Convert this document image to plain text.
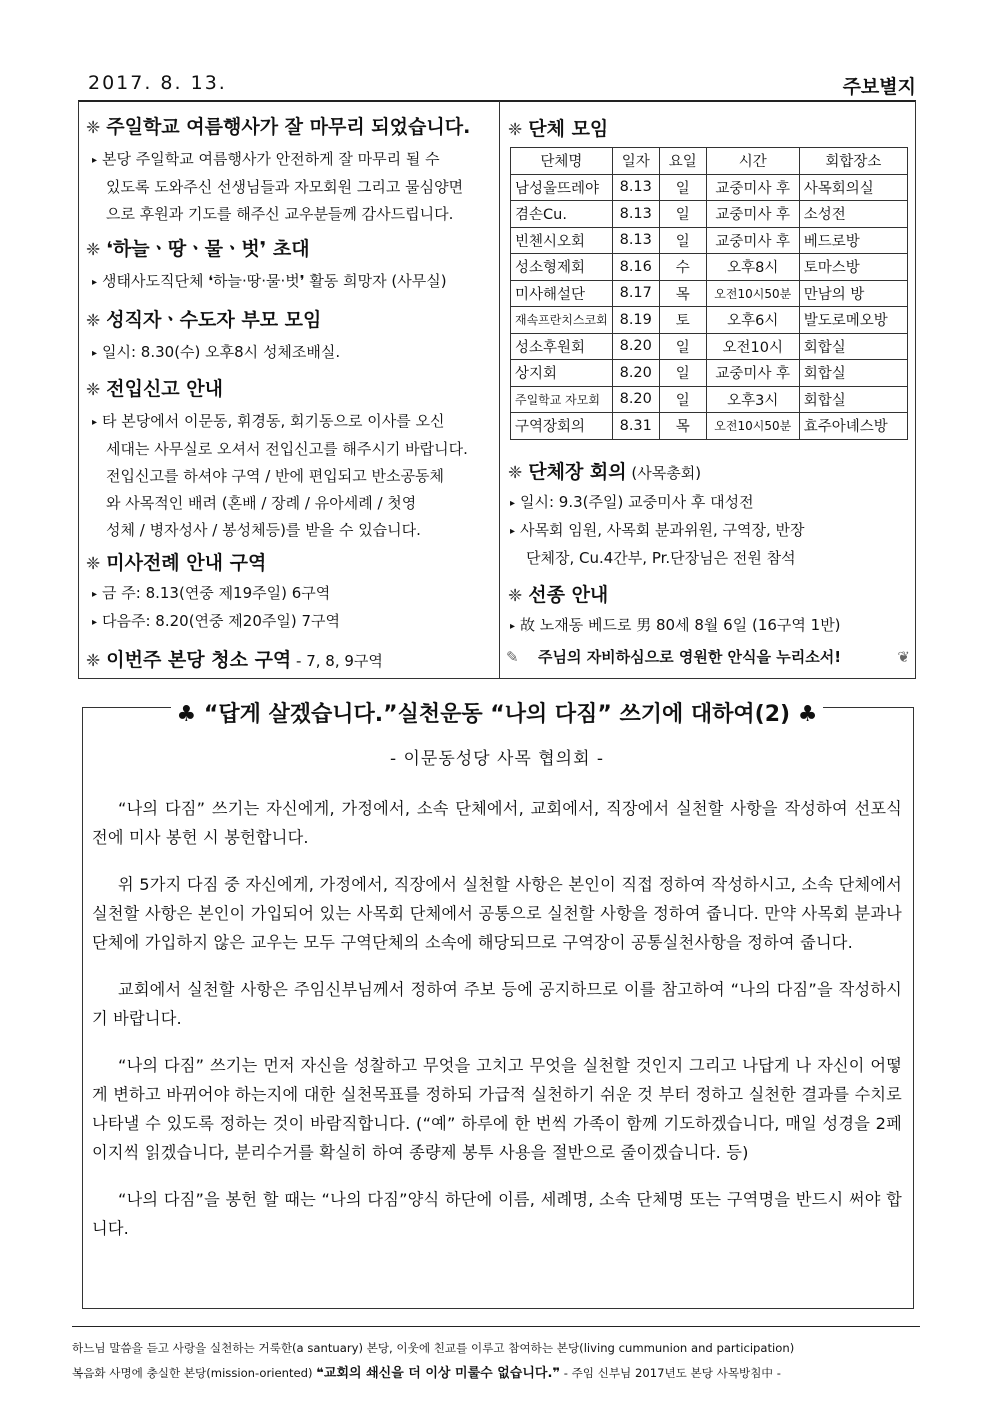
2017. 8. 13.	주보별지

❈ 주일학교 여름행사가 잘 마무리 되었습니다.

▸ 본당 주일학교 여름행사가 안전하게 잘 마무리 될 수

있도록 도와주신 선생님들과 자모회원 그리고 물심양면

으로 후원과 기도를 해주신 교우분들께 감사드립니다.

❈ ❛하늘ㆍ땅ㆍ물ㆍ벗❜ 초대

▸ 생태사도직단체 ❛하늘·땅·물·벗❜ 활동 희망자 (사무실)

❈ 성직자ㆍ수도자 부모 모임

▸ 일시: 8.30(수) 오후8시 성체조배실.

❈ 전입신고 안내

▸ 타 본당에서 이문동, 휘경동, 회기동으로 이사를 오신

세대는 사무실로 오셔서 전입신고를 해주시기 바랍니다.

전입신고를 하셔야 구역 / 반에 편입되고 반소공동체

와 사목적인 배려 (혼배 / 장례 / 유아세례 / 첫영

성체 / 병자성사 / 봉성체등)를 받을 수 있습니다.

❈ 미사전례 안내 구역

▸ 금 주: 8.13(연중 제19주일) 6구역

▸ 다음주: 8.20(연중 제20주일) 7구역

❈ 이번주 본당 청소 구역 - 7, 8, 9구역

❈ 단체 모임

단체명	일자	요일	시간	회합장소
남성울뜨레야	8.13	일	교중미사 후	사목회의실
겸손Cu.	8.13	일	교중미사 후	소성전
빈첸시오회	8.13	일	교중미사 후	베드로방
성소형제회	8.16	수	오후8시	토마스방
미사해설단	8.17	목	오전10시50분	만남의 방
재속프란치스코회	8.19	토	오후6시	발도로메오방
성소후원회	8.20	일	오전10시	회합실
상지회	8.20	일	교중미사 후	회합실
주일학교 자모회	8.20	일	오후3시	회합실
구역장회의	8.31	목	오전10시50분	효주아녜스방

❈ 단체장 회의 (사목총회)

▸ 일시: 9.3(주일) 교중미사 후 대성전

▸ 사목회 임원, 사목회 분과위원, 구역장, 반장

단체장, Cu.4간부, Pr.단장님은 전원 참석

❈ 선종 안내

▸ 故 노재동 베드로 男 80세 8월 6일 (16구역 1반)

✎ 주님의 자비하심으로 영원한 안식을 누리소서!	❦
♣ “답게 살겠습니다.”실천운동 “나의 다짐” 쓰기에 대하여(2) ♣
- 이문동성당 사목 협의회 -

“나의 다짐” 쓰기는 자신에게, 가정에서, 소속 단체에서, 교회에서, 직장에서 실천할 사항을 작성하여 선포식 전에 미사 봉헌 시 봉헌합니다.

위 5가지 다짐 중 자신에게, 가정에서, 직장에서 실천할 사항은 본인이 직접 정하여 작성하시고, 소속 단체에서 실천할 사항은 본인이 가입되어 있는 사목회 단체에서 공통으로 실천할 사항을 정하여 줍니다. 만약 사목회 분과나 단체에 가입하지 않은 교우는 모두 구역단체의 소속에 해당되므로 구역장이 공통실천사항을 정하여 줍니다.

교회에서 실천할 사항은 주임신부님께서 정하여 주보 등에 공지하므로 이를 참고하여 “나의 다짐”을 작성하시기 바랍니다.

“나의 다짐” 쓰기는 먼저 자신을 성찰하고 무엇을 고치고 무엇을 실천할 것인지 그리고 나답게 나 자신이 어떻게 변하고 바뀌어야 하는지에 대한 실천목표를 정하되 가급적 실천하기 쉬운 것 부터 정하고 실천한 결과를 수치로 나타낼 수 있도록 정하는 것이 바람직합니다. (“예” 하루에 한 번씩 가족이 함께 기도하겠습니다, 매일 성경을 2페이지씩 읽겠습니다, 분리수거를 확실히 하여 종량제 봉투 사용을 절반으로 줄이겠습니다. 등)

“나의 다짐”을 봉헌 할 때는 “나의 다짐”양식 하단에 이름, 세례명, 소속 단체명 또는 구역명을 반드시 써야 합니다.

하느님 말씀을 듣고 사랑을 실천하는 거룩한(a santuary) 본당, 이웃에 친교를 이루고 참여하는 본당(living cummunion and participation)
복음화 사명에 충실한 본당(mission-oriented) ❝교회의 쇄신을 더 이상 미룰수 없습니다.❞ - 주임 신부님 2017년도 본당 사목방침中 -
